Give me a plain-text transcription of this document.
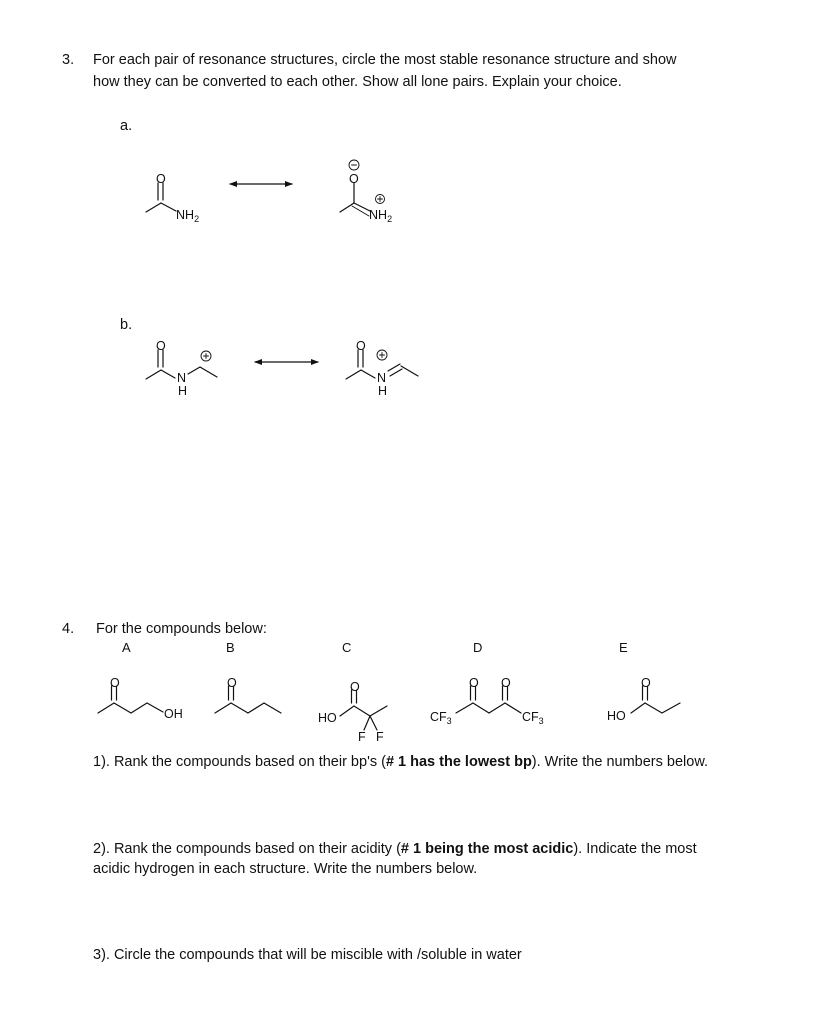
3. For each pair of resonance structures, circle the most stable resonance structure and show
how they can be converted to each other. Show all lone pairs. Explain your choice.
a.
b.
4. For the compounds below:
A	B	C	D	E
1). Rank the compounds based on their bp's (# 1 has the lowest bp). Write the numbers below.
2). Rank the compounds based on their acidity (# 1 being the most acidic). Indicate the most
acidic hydrogen in each structure. Write the numbers below.
3). Circle the compounds that will be miscible with /soluble in water
O
$NH_2$
O
$NH_2$
O
N
H
O
N
H
O
OH
O	O
HO
F F
O O
$CF_3$	$CF_3$
O
HO
